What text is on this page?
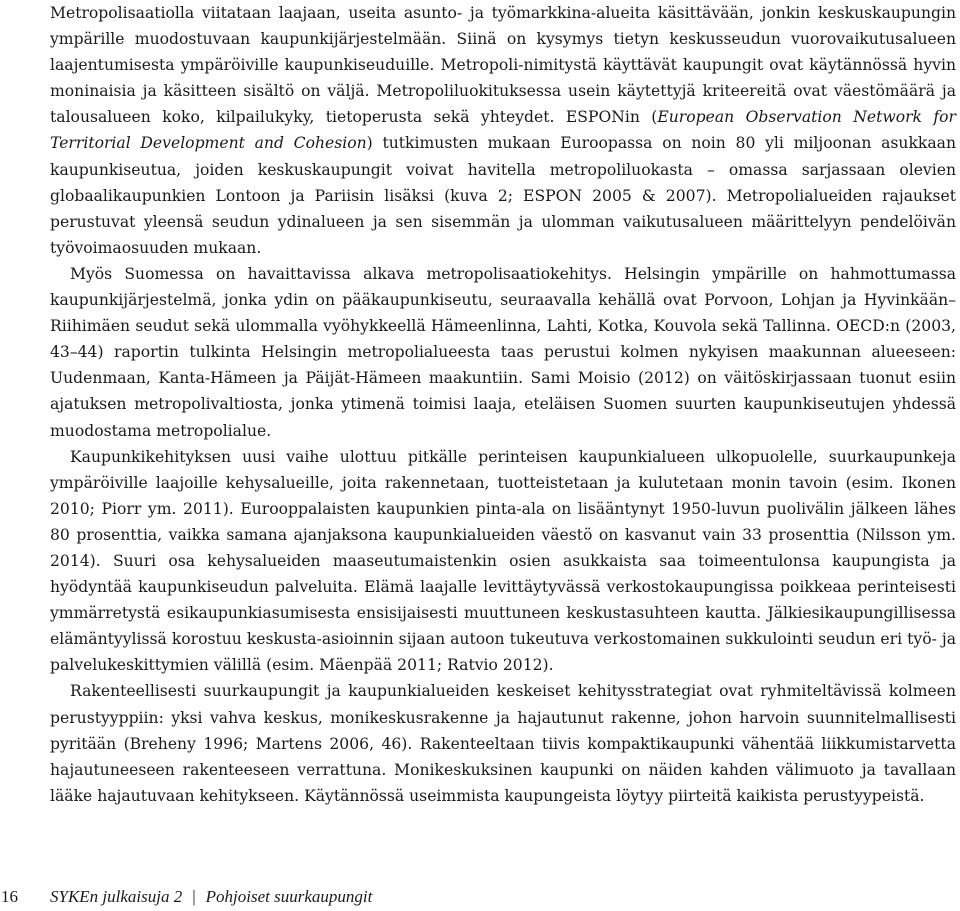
Metropolisaatiolla viitataan laajaan, useita asunto- ja työmarkkina-alueita käsittävään, jonkin keskuskaupungin ympärille muodostuvaan kaupunkijärjestelmään. Siinä on kysymys tietyn keskusseudun vuorovaikutusalueen laajentumisesta ympäröiville kaupunkiseuduille. Metropoli-nimitystä käyttävät kaupungit ovat käytännössä hyvin moninaisia ja käsitteen sisältö on väljä. Metropoliluokituksessa usein käytettyjä kriteereitä ovat väestömäärä ja talousalueen koko, kilpailukyky, tietoperusta sekä yhteydet. ESPONin (European Observation Network for Territorial Development and Cohesion) tutkimusten mukaan Euroopassa on noin 80 yli miljoonan asukkaan kaupunkiseutua, joiden keskuskaupungit voivat havitella metropoliluokasta – omassa sarjassaan olevien globaalikaupunkien Lontoon ja Pariisin lisäksi (kuva 2; ESPON 2005 & 2007). Metropolialueiden rajaukset perustuvat yleensä seudun ydinalueen ja sen sisemmän ja ulomman vaikutusalueen määrittelyyn pendelöivän työvoimaosuuden mukaan.

Myös Suomessa on havaittavissa alkava metropolisaatiokehitys. Helsingin ympärille on hahmottumassa kaupunkijärjestelmä, jonka ydin on pääkaupunkiseutu, seuraavalla kehällä ovat Porvoon, Lohjan ja Hyvinkään–Riihimäen seudut sekä ulommalla vyöhykkeellä Hämeenlinna, Lahti, Kotka, Kouvola sekä Tallinna. OECD:n (2003, 43–44) raportin tulkinta Helsingin metropolialueesta taas perustui kolmen nykyisen maakunnan alueeseen: Uudenmaan, Kanta-Hämeen ja Päijät-Hämeen maakuntiin. Sami Moisio (2012) on väitöskirjassaan tuonut esiin ajatuksen metropolivaltiosta, jonka ytimenä toimisi laaja, eteläisen Suomen suurten kaupunkiseutujen yhdessä muodostama metropolialue.

Kaupunkikehityksen uusi vaihe ulottuu pitkälle perinteisen kaupunkialueen ulkopuolelle, suurkaupunkeja ympäröiville laajoille kehysalueille, joita rakennetaan, tuotteistetaan ja kulutetaan monin tavoin (esim. Ikonen 2010; Piorr ym. 2011). Eurooppalaisten kaupunkien pinta-ala on lisääntynyt 1950-luvun puolivälin jälkeen lähes 80 prosenttia, vaikka samana ajanjaksona kaupunkialueiden väestö on kasvanut vain 33 prosenttia (Nilsson ym. 2014). Suuri osa kehysalueiden maaseutumaistenkin osien asukkaista saa toimeentulonsa kaupungista ja hyödyntää kaupunkiseudun palveluita. Elämä laajalle levittäytyvässä verkostokaupungissa poikkeaa perinteisesti ymmärretystä esikaupunkiasumisesta ensisijaisesti muuttuneen keskustasuhteen kautta. Jälkiesikaupungillisessa elämäntyylissä korostuu keskusta-asioinnin sijaan autoon tukeutuva verkostomainen sukkulointi seudun eri työ- ja palvelukeskittymien välillä (esim. Mäenpää 2011; Ratvio 2012).

Rakenteellisesti suurkaupungit ja kaupunkialueiden keskeiset kehitysstrategiat ovat ryhmiteltävissä kolmeen perustyyppiin: yksi vahva keskus, monikeskusrakenne ja hajautunut rakenne, johon harvoin suunnitelmallisesti pyritään (Breheny 1996; Martens 2006, 46). Rakenteeltaan tiivis kompaktikaupunki vähentää liikkumistarvetta hajautuneeseen rakenteeseen verrattuna. Monikeskuksinen kaupunki on näiden kahden välimuoto ja tavallaan lääke hajautuvaan kehitykseen. Käytännössä useimmista kaupungeista löytyy piirteitä kaikista perustyypeistä.

16 SYKEn julkaisuja 2 | Pohjoiset suurkaupungit
